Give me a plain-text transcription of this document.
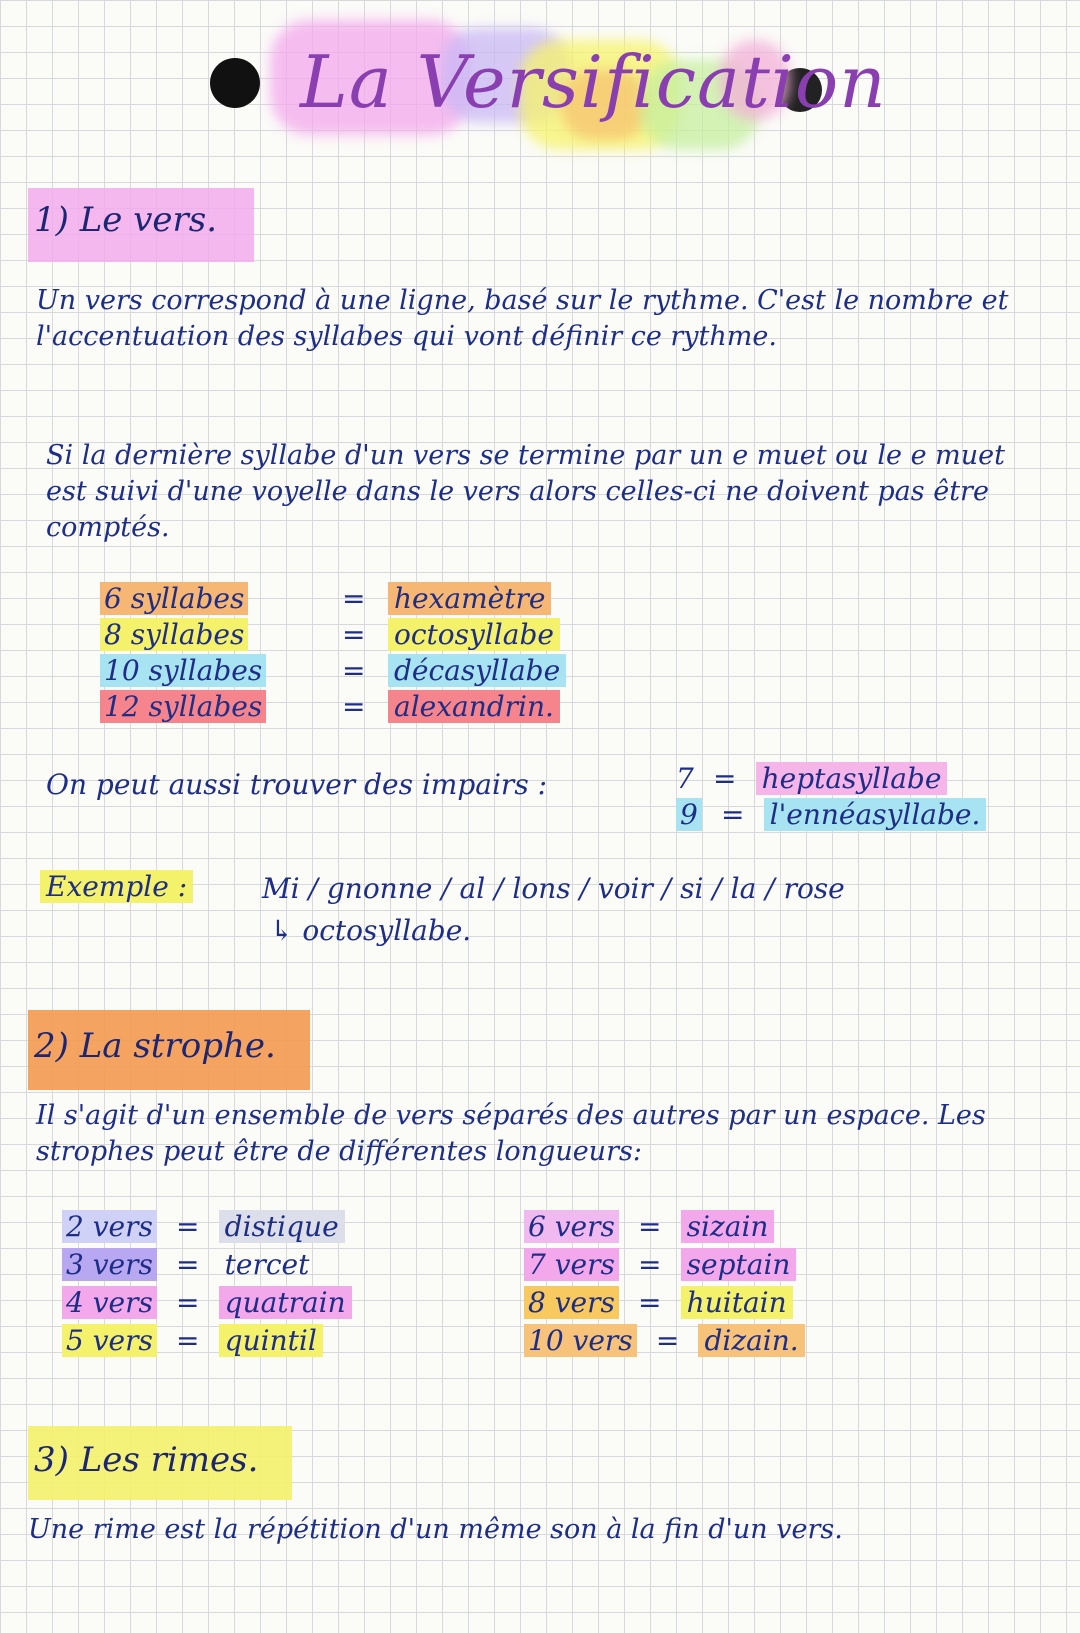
La Versification
1) Le vers.
Un vers correspond à une ligne, basé sur le rythme. C'est le nombre et l'accentuation des syllabes qui vont définir ce rythme.
Si la dernière syllabe d'un vers se termine par un e muet ou le e muet est suivi d'une voyelle dans le vers alors celles-ci ne doivent pas être comptés.
6 syllabes
8 syllabes
10 syllabes
12 syllabes
=
=
=
=
hexamètre
octosyllabe
décasyllabe
alexandrin.
On peut aussi trouver des impairs :	7 = heptasyllabe
9 = l'ennéasyllabe.
Exemple :	Mi / gnonne / al / lons / voir / si / la / rose
↳ octosyllabe.
2) La strophe.
Il s'agit d'un ensemble de vers séparés des autres par un espace. Les strophes peut être de différentes longueurs:
2 vers = distique
3 vers = tercet
4 vers = quatrain
5 vers = quintil
6 vers = sizain
7 vers = septain
8 vers = huitain
10 vers = dizain.
3) Les rimes.
Une rime est la répétition d'un même son à la fin d'un vers.
